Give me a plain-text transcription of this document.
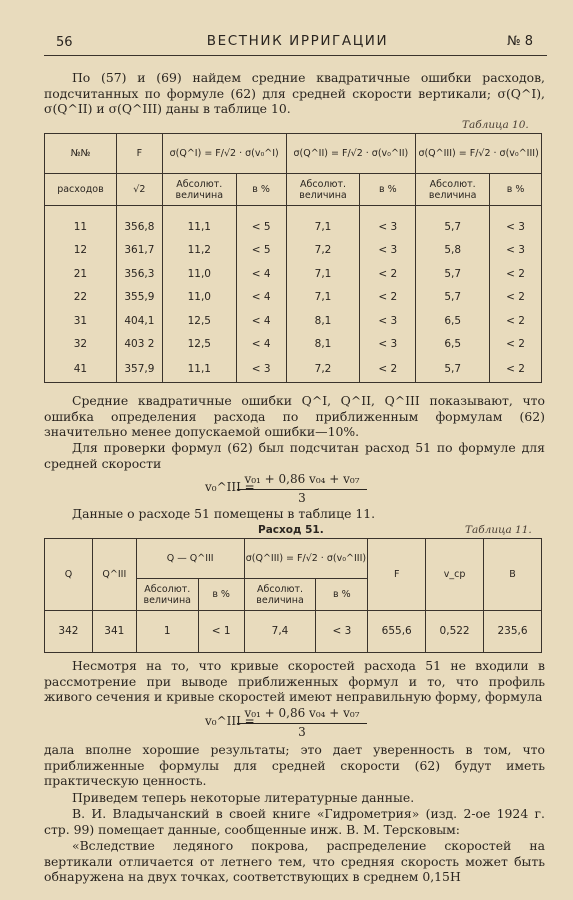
56	ВЕСТНИК ИРРИГАЦИИ	№ 8

По (57) и (69) найдем средние квадратичные ошибки расходов, подсчитанных по формуле (62) для средней скорости вертикали; σ(Q^I), σ(Q^II) и σ(Q^III) даны в таблице 10.

Таблица 10.
№№	F	σ(Q^I) = F/√2 · σ(v₀^I)		σ(Q^II) = F/√2 · σ(v₀^II)		σ(Q^III) = F/√2 · σ(v₀^III)	
расходов	√2	Абсолют. величина	в %	Абсолют. величина	в %	Абсолют. величина	в %

11	356,8	11,1	< 5	7,1	< 3	5,7	< 3
12	361,7	11,2	< 5	7,2	< 3	5,8	< 3
21	356,3	11,0	< 4	7,1	< 2	5,7	< 2
22	355,9	11,0	< 4	7,1	< 2	5,7	< 2
31	404,1	12,5	< 4	8,1	< 3	6,5	< 2
32	403 2	12,5	< 4	8,1	< 3	6,5	< 2
41	357,9	11,1	< 3	7,2	< 2	5,7	< 2

Средние квадратичные ошибки Q^I, Q^II, Q^III показывают, что ошибка определения расхода по приближенным формулам (62) значительно менее допускаемой ошибки—10%.

Для проверки формул (62) был подсчитан расход 51 по формуле для средней скорости

v₀^III =
v₀₁ + 0,86 v₀₄ + v₀₇
3

Данные о расходе 51 помещены в таблице 11.

Расход 51.	Таблица 11.
Q	Q^III	Q — Q^III		σ(Q^III) = F/√2 · σ(v₀^III)		F	v_ср	B
		Абсолют. величина	в %	Абсолют. величина	в %			
342	341	1	< 1	7,4	< 3	655,6	0,522	235,6

Несмотря на то, что кривые скоростей расхода 51 не входили в рассмотрение при выводе приближенных формул и то, что профиль живого сечения и кривые скоростей имеют неправильную форму, формула

v₀^III =
v₀₁ + 0,86 v₀₄ + v₀₇
3

дала вполне хорошие результаты; это дает уверенность в том, что приближенные формулы для средней скорости (62) будут иметь практическую ценность.

Приведем теперь некоторые литературные данные.

В. И. Владычанский в своей книге «Гидрометрия» (изд. 2-ое 1924 г. стр. 99) помещает данные, сообщенные инж. В. М. Терсковым:

«Вследствие ледяного покрова, распределение скоростей на вертикали отличается от летнего тем, что средняя скорость может быть обнаружена на двух точках, соответствующих в среднем 0,15Н
